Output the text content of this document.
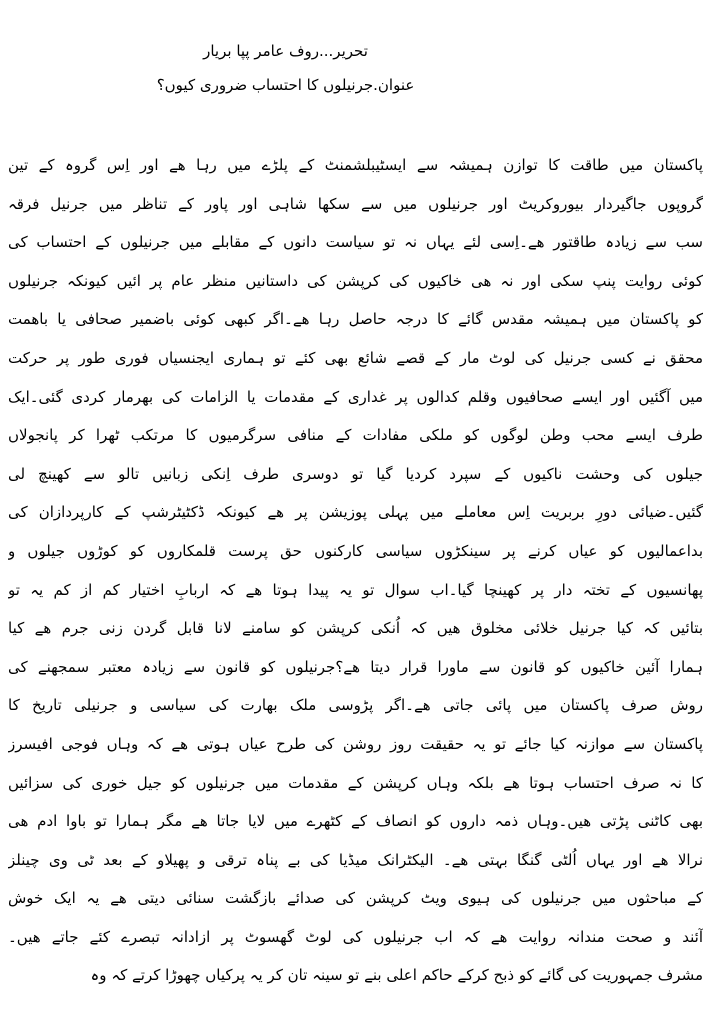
تحریر...روف عامر پپا بریار
عنوان.جرنیلوں کا احتساب ضروری کیوں؟
پاکستان میں طاقت کا توازن ہمیشہ سے ایسٹیبلشمنٹ کے پلڑے میں رہا ھے اور اِس گروہ کے تین
گروپوں جاگیردار بیوروکریٹ اور جرنیلوں میں سے سکھا شاہی اور پاور کے تناظر میں جرنیل فرقہ
سب سے زیادہ طاقتور ھے۔اِسی لئے یہاں نہ تو سیاست دانوں کے مقابلے میں جرنیلوں کے احتساب کی
کوئی روایت پنپ سکی اور نہ ھی خاکیوں کی کرپشن کی داستانیں منظر عام پر ائیں کیونکہ جرنیلوں
کو پاکستان میں ہمیشہ مقدس گائے کا درجہ حاصل رہا ھے۔اگر کبھی کوئی باضمیر صحافی یا باھمت
محقق نے کسی جرنیل کی لوٹ مار کے قصے شائع بھی کئے تو ہماری ایجنسیاں فوری طور پر حرکت
میں آگئیں اور ایسے صحافیوں وقلم کدالوں پر غداری کے مقدمات یا الزامات کی بھرمار کردی گئی۔ایک
طرف ایسے محب وطن لوگوں کو ملکی مفادات کے منافی سرگرمیوں کا مرتکب ٹھرا کر پانجولاں
جیلوں کی وحشت ناکیوں کے سپرد کردیا گیا تو دوسری طرف اِنکی زبانیں تالو سے کھینچ لی
گئیں۔ضیائی دورِ بربریت اِس معاملے میں پہلی پوزیشن پر ھے کیونکہ ڈکٹیٹرشپ کے کارپردازان کی
بداعمالیوں کو عیاں کرنے پر سینکڑوں سیاسی کارکنوں حق پرست قلمکاروں کو کوڑوں جیلوں و
پھانسیوں کے تختہ دار پر کھینچا گیا۔اب سوال تو یہ پیدا ہوتا ھے کہ اربابِ اختیار کم از کم یہ تو
بتائیں کہ کیا جرنیل خلائی مخلوق ھیں کہ اُنکی کرپشن کو سامنے لانا قابل گردن زنی جرم ھے کیا
ہمارا آئین خاکیوں کو قانون سے ماورا قرار دیتا ھے؟جرنیلوں کو قانون سے زیادہ معتبر سمجھنے کی
روش صرف پاکستان میں پائی جاتی ھے۔اگر پڑوسی ملک بھارت کی سیاسی و جرنیلی تاریخ کا
پاکستان سے موازنہ کیا جائے تو یہ حقیقت روز روشن کی طرح عیاں ہوتی ھے کہ وہاں فوجی افیسرز
کا نہ صرف احتساب ہوتا ھے بلکہ وہاں کرپشن کے مقدمات میں جرنیلوں کو جیل خوری کی سزائیں
بھی کاٹنی پڑتی ھیں۔وہاں ذمہ داروں کو انصاف کے کٹھرے میں لایا جاتا ھے مگر ہمارا تو باوا ادم ھی
نرالا ھے اور یہاں اُلٹی گنگا بہتی ھے۔ الیکٹرانک میڈیا کی بے پناہ ترقی و پھیلاو کے بعد ٹی وی چینلز
کے مباحثوں میں جرنیلوں کی ہیوی ویٹ کرپشن کی صدائے بازگشت سنائی دیتی ھے یہ ایک خوش
آئند و صحت مندانہ روایت ھے کہ اب جرنیلوں کی لوٹ گھسوٹ پر ازادانہ تبصرے کئے جاتے ھیں۔
مشرف جمہوریت کی گائے کو ذبح کرکے حاکم اعلی بنے تو سینہ تان کر یہ پرکیاں چھوڑا کرتے کہ وہ
